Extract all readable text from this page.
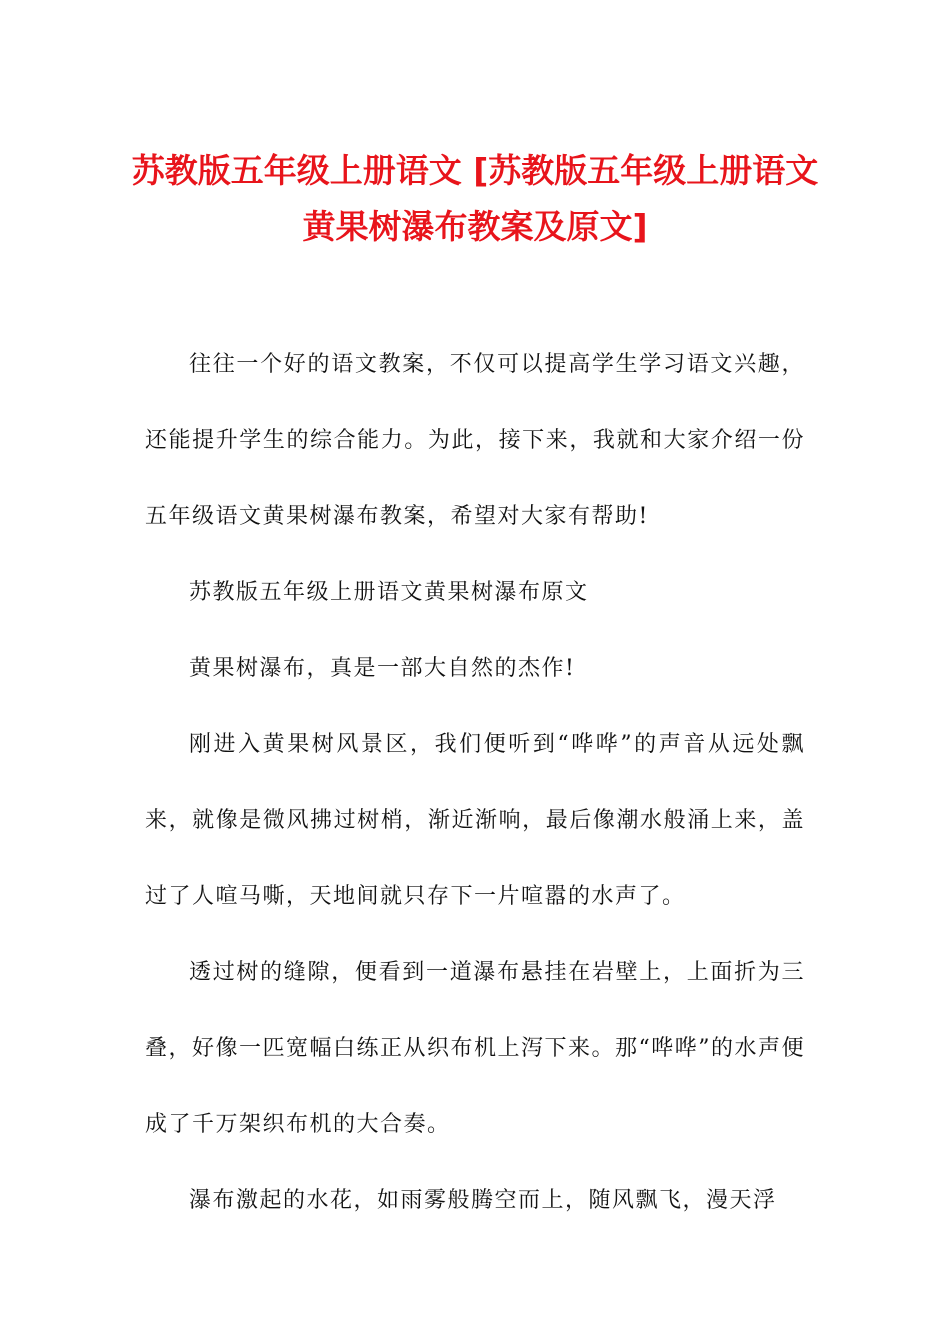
苏教版五年级上册语文 [苏教版五年级上册语文黄果树瀑布教案及原文]

往往一个好的语文教案，不仅可以提高学生学习语文兴趣，还能提升学生的综合能力。为此，接下来，我就和大家介绍一份五年级语文黄果树瀑布教案，希望对大家有帮助!

苏教版五年级上册语文黄果树瀑布原文

黄果树瀑布，真是一部大自然的杰作!

刚进入黄果树风景区，我们便听到“哗哗”的声音从远处飘来，就像是微风拂过树梢，渐近渐响，最后像潮水般涌上来，盖过了人喧马嘶，天地间就只存下一片喧嚣的水声了。

透过树的缝隙，便看到一道瀑布悬挂在岩壁上，上面折为三叠，好像一匹宽幅白练正从织布机上泻下来。那“哗哗”的水声便成了千万架织布机的大合奏。

瀑布激起的水花，如雨雾般腾空而上，随风飘飞，漫天浮
